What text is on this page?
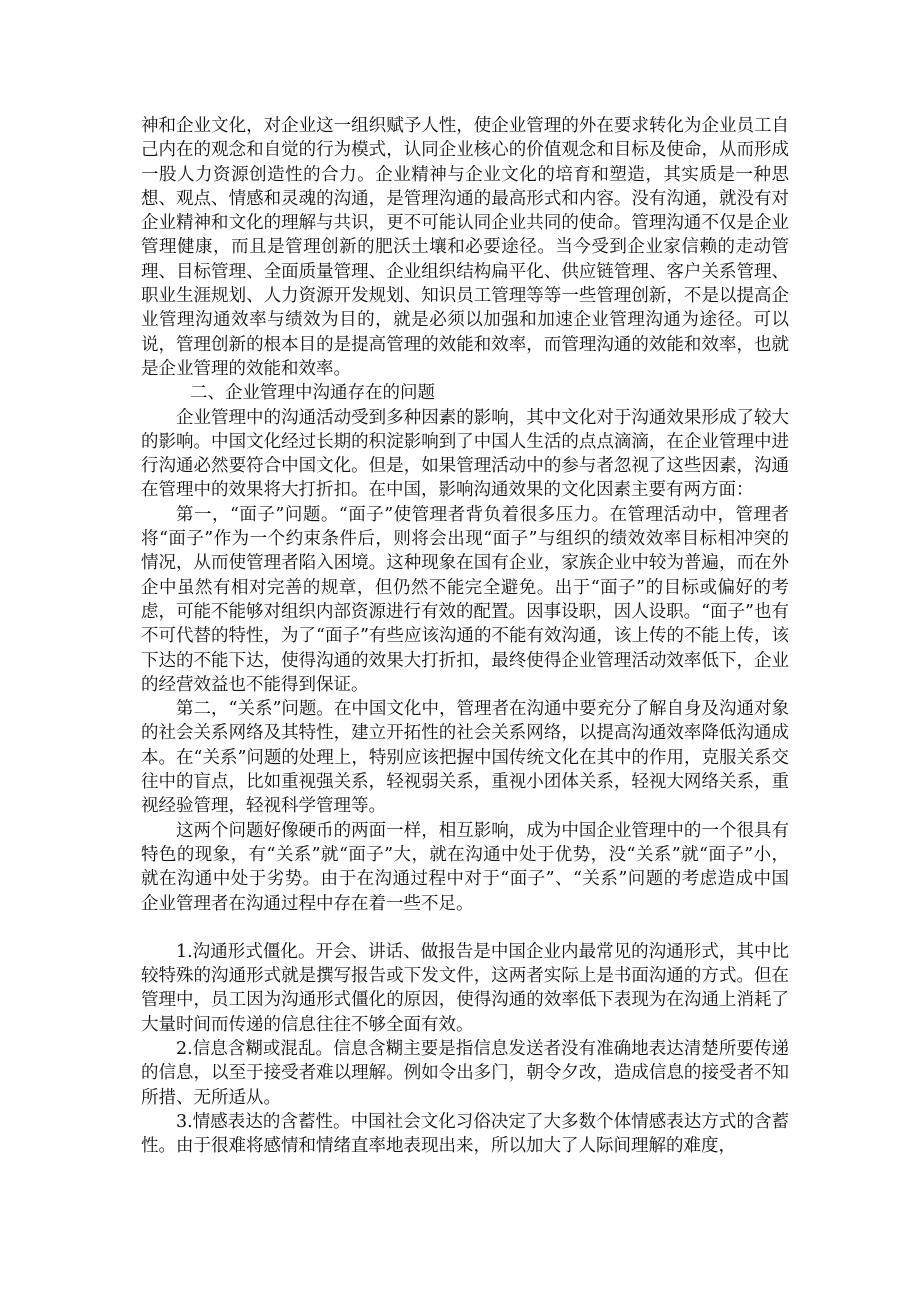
神和企业文化，对企业这一组织赋予人性，使企业管理的外在要求转化为企业员工自己内在的观念和自觉的行为模式，认同企业核心的价值观念和目标及使命，从而形成一股人力资源创造性的合力。企业精神与企业文化的培育和塑造，其实质是一种思想、观点、情感和灵魂的沟通，是管理沟通的最高形式和内容。没有沟通，就没有对企业精神和文化的理解与共识，更不可能认同企业共同的使命。管理沟通不仅是企业管理健康，而且是管理创新的肥沃土壤和必要途径。当今受到企业家信赖的走动管理、目标管理、全面质量管理、企业组织结构扁平化、供应链管理、客户关系管理、职业生涯规划、人力资源开发规划、知识员工管理等等一些管理创新，不是以提高企业管理沟通效率与绩效为目的，就是必须以加强和加速企业管理沟通为途径。可以说，管理创新的根本目的是提高管理的效能和效率，而管理沟通的效能和效率，也就是企业管理的效能和效率。

二、企业管理中沟通存在的问题

企业管理中的沟通活动受到多种因素的影响，其中文化对于沟通效果形成了较大的影响。中国文化经过长期的积淀影响到了中国人生活的点点滴滴，在企业管理中进行沟通必然要符合中国文化。但是，如果管理活动中的参与者忽视了这些因素，沟通在管理中的效果将大打折扣。在中国，影响沟通效果的文化因素主要有两方面：

第一，“面子”问题。“面子”使管理者背负着很多压力。在管理活动中，管理者将“面子”作为一个约束条件后，则将会出现“面子”与组织的绩效效率目标相冲突的情况，从而使管理者陷入困境。这种现象在国有企业，家族企业中较为普遍，而在外企中虽然有相对完善的规章，但仍然不能完全避免。出于“面子”的目标或偏好的考虑，可能不能够对组织内部资源进行有效的配置。因事设职，因人设职。“面子”也有不可代替的特性，为了“面子”有些应该沟通的不能有效沟通，该上传的不能上传，该下达的不能下达，使得沟通的效果大打折扣，最终使得企业管理活动效率低下，企业的经营效益也不能得到保证。

第二，“关系”问题。在中国文化中，管理者在沟通中要充分了解自身及沟通对象的社会关系网络及其特性，建立开拓性的社会关系网络，以提高沟通效率降低沟通成本。在“关系”问题的处理上，特别应该把握中国传统文化在其中的作用，克服关系交往中的盲点，比如重视强关系，轻视弱关系，重视小团体关系，轻视大网络关系，重视经验管理，轻视科学管理等。

这两个问题好像硬币的两面一样，相互影响，成为中国企业管理中的一个很具有特色的现象，有“关系”就“面子”大，就在沟通中处于优势，没“关系”就“面子”小，就在沟通中处于劣势。由于在沟通过程中对于“面子”、“关系”问题的考虑造成中国企业管理者在沟通过程中存在着一些不足。

1.沟通形式僵化。开会、讲话、做报告是中国企业内最常见的沟通形式，其中比较特殊的沟通形式就是撰写报告或下发文件，这两者实际上是书面沟通的方式。但在管理中，员工因为沟通形式僵化的原因，使得沟通的效率低下表现为在沟通上消耗了大量时间而传递的信息往往不够全面有效。

2.信息含糊或混乱。信息含糊主要是指信息发送者没有准确地表达清楚所要传递的信息，以至于接受者难以理解。例如令出多门，朝令夕改，造成信息的接受者不知所措、无所适从。

3.情感表达的含蓄性。中国社会文化习俗决定了大多数个体情感表达方式的含蓄性。由于很难将感情和情绪直率地表现出来，所以加大了人际间理解的难度，
